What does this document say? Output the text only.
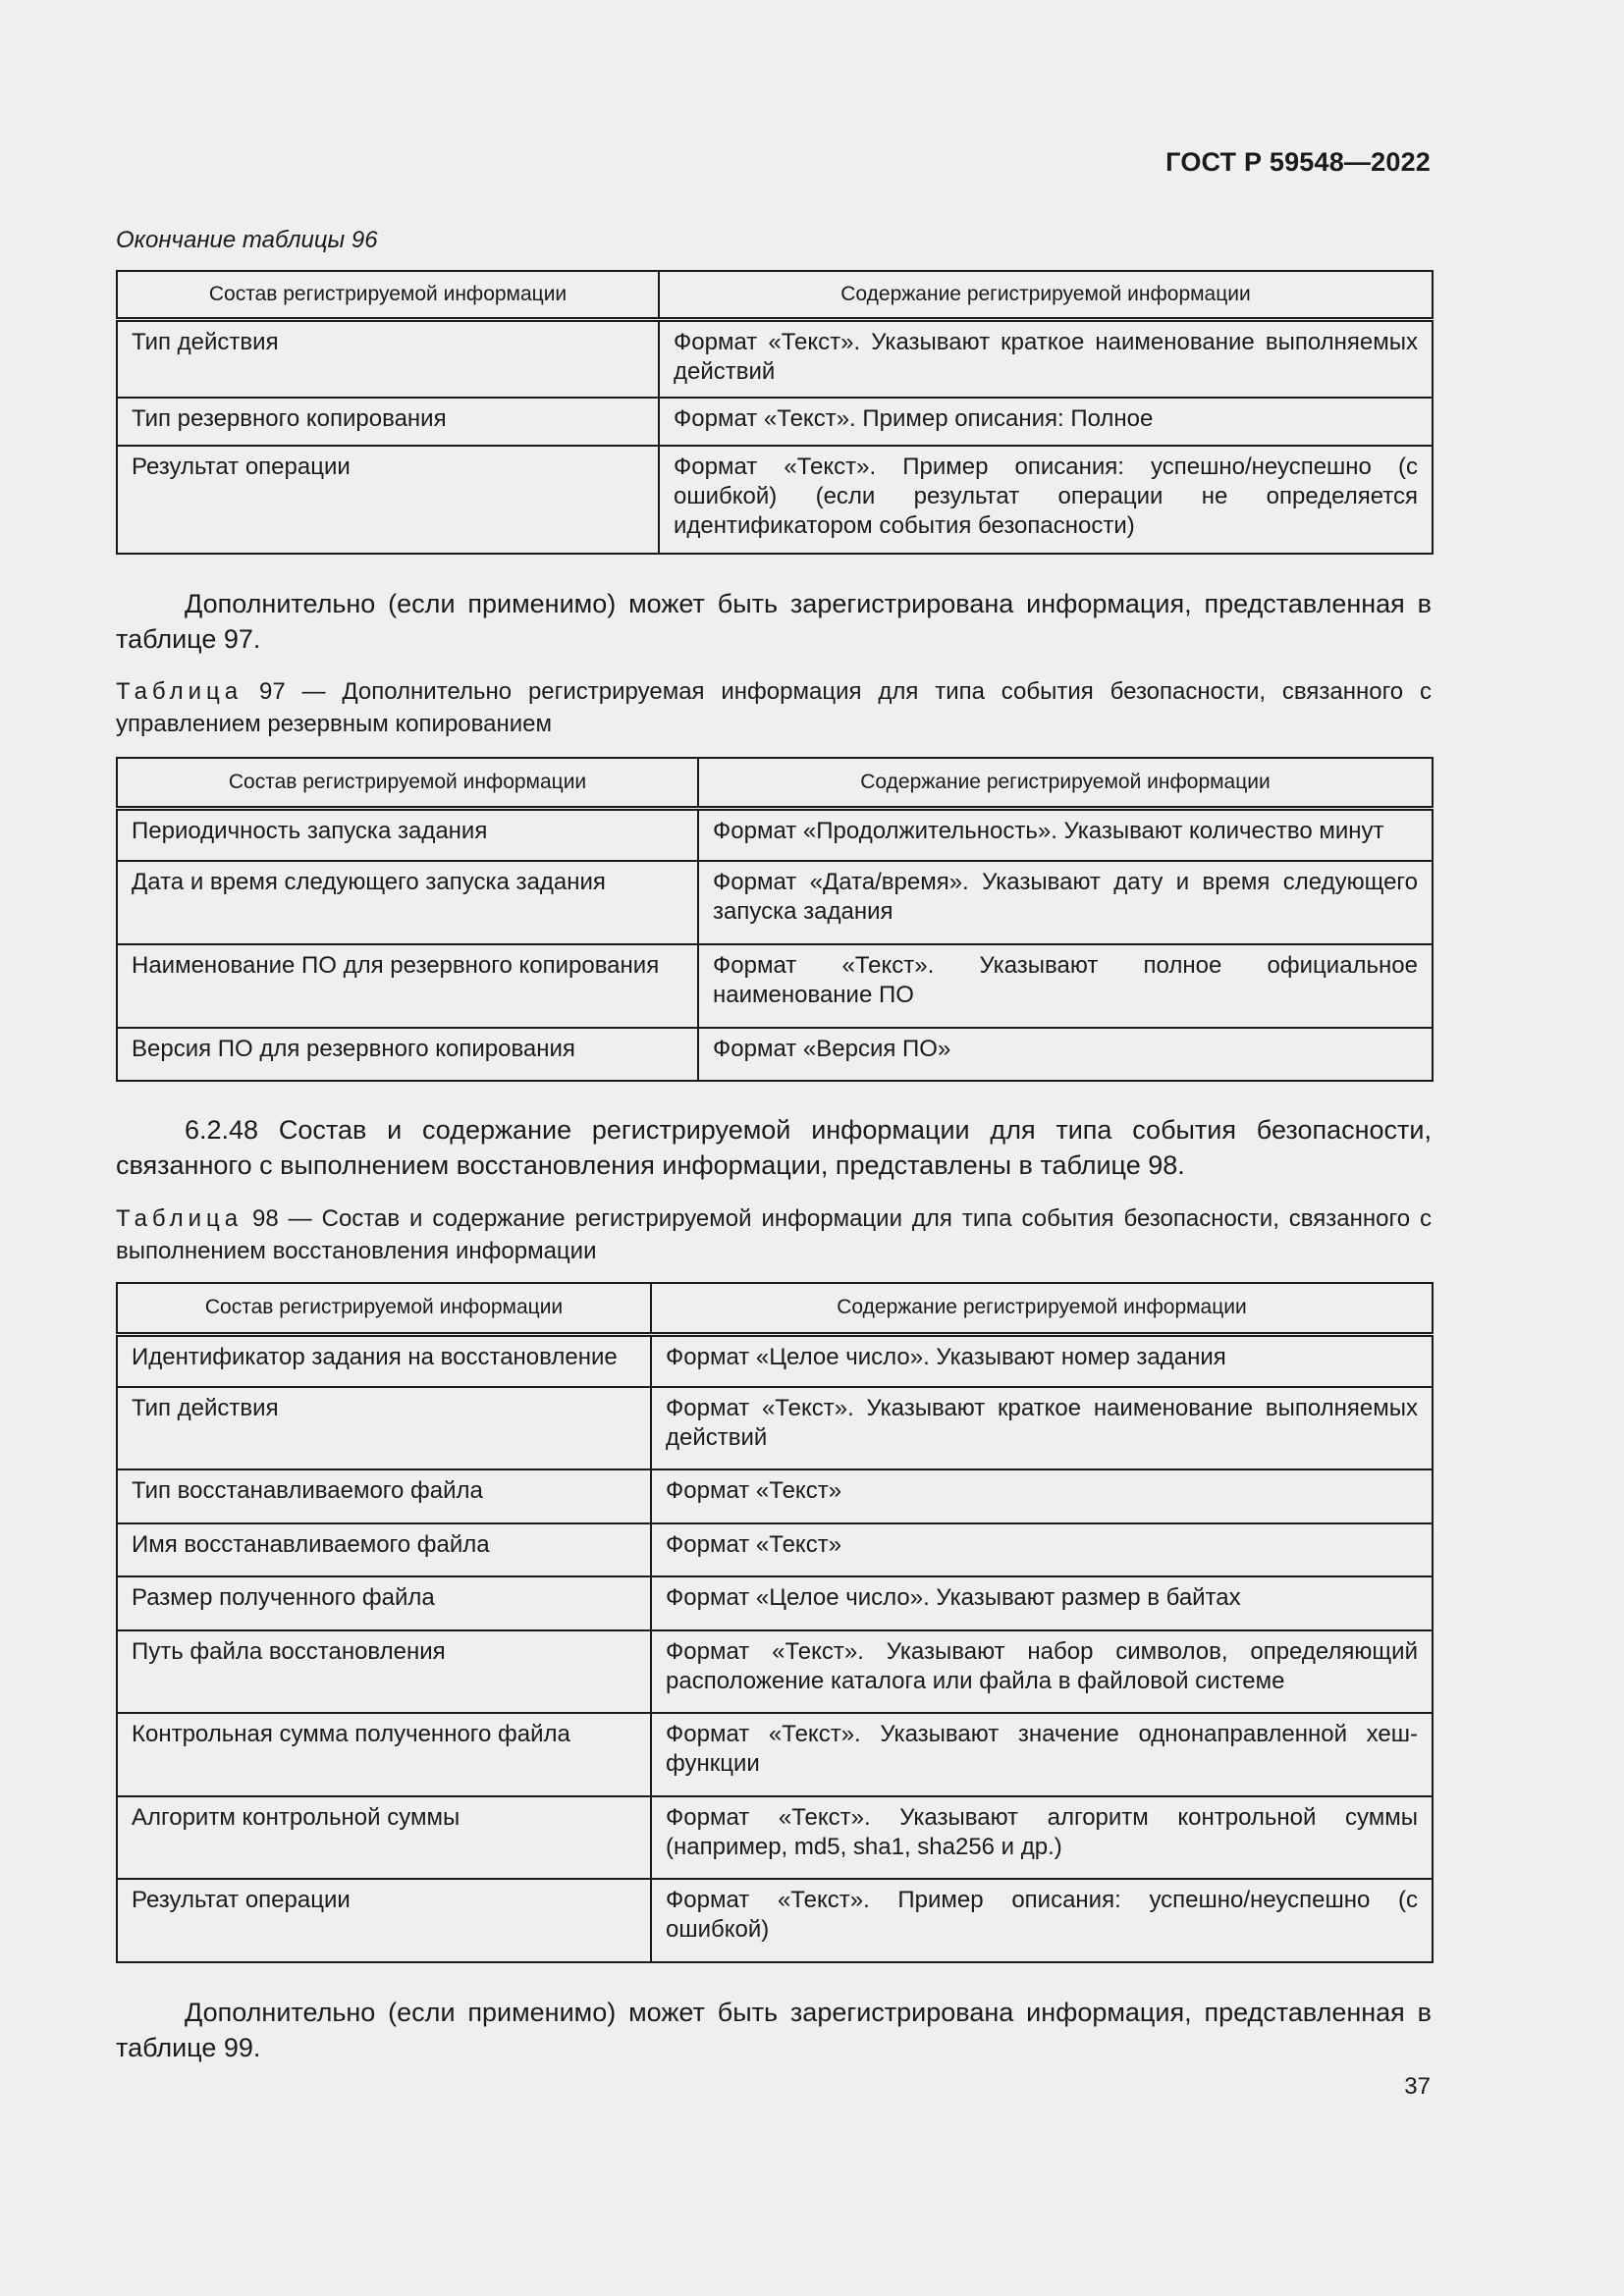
ГОСТ Р 59548—2022
Окончание таблицы 96
Состав регистрируемой информации	Содержание регистрируемой информации
Тип действия	Формат «Текст». Указывают краткое наименование выполняемых действий
Тип резервного копирования	Формат «Текст». Пример описания: Полное
Результат операции	Формат «Текст». Пример описания: успешно/неуспешно (с ошибкой) (если результат операции не определяется идентификатором события безопасности)
Дополнительно (если применимо) может быть зарегистрирована информация, представленная в таблице 97.
Таблица 97 — Дополнительно регистрируемая информация для типа события безопасности, связанного с управлением резервным копированием
Состав регистрируемой информации	Содержание регистрируемой информации
Периодичность запуска задания	Формат «Продолжительность». Указывают количество минут
Дата и время следующего запуска задания	Формат «Дата/время». Указывают дату и время следующего запуска задания
Наименование ПО для резервного копирования	Формат «Текст». Указывают полное официальное наименование ПО
Версия ПО для резервного копирования	Формат «Версия ПО»
6.2.48 Состав и содержание регистрируемой информации для типа события безопасности, связанного с выполнением восстановления информации, представлены в таблице 98.
Таблица 98 — Состав и содержание регистрируемой информации для типа события безопасности, связанного с выполнением восстановления информации
Состав регистрируемой информации	Содержание регистрируемой информации
Идентификатор задания на восстановление	Формат «Целое число». Указывают номер задания
Тип действия	Формат «Текст». Указывают краткое наименование выполняемых действий
Тип восстанавливаемого файла	Формат «Текст»
Имя восстанавливаемого файла	Формат «Текст»
Размер полученного файла	Формат «Целое число». Указывают размер в байтах
Путь файла восстановления	Формат «Текст». Указывают набор символов, определяющий расположение каталога или файла в файловой системе
Контрольная сумма полученного файла	Формат «Текст». Указывают значение однонаправленной хеш-функции
Алгоритм контрольной суммы	Формат «Текст». Указывают алгоритм контрольной суммы (например, md5, sha1, sha256 и др.)
Результат операции	Формат «Текст». Пример описания: успешно/неуспешно (с ошибкой)
Дополнительно (если применимо) может быть зарегистрирована информация, представленная в таблице 99.
37
